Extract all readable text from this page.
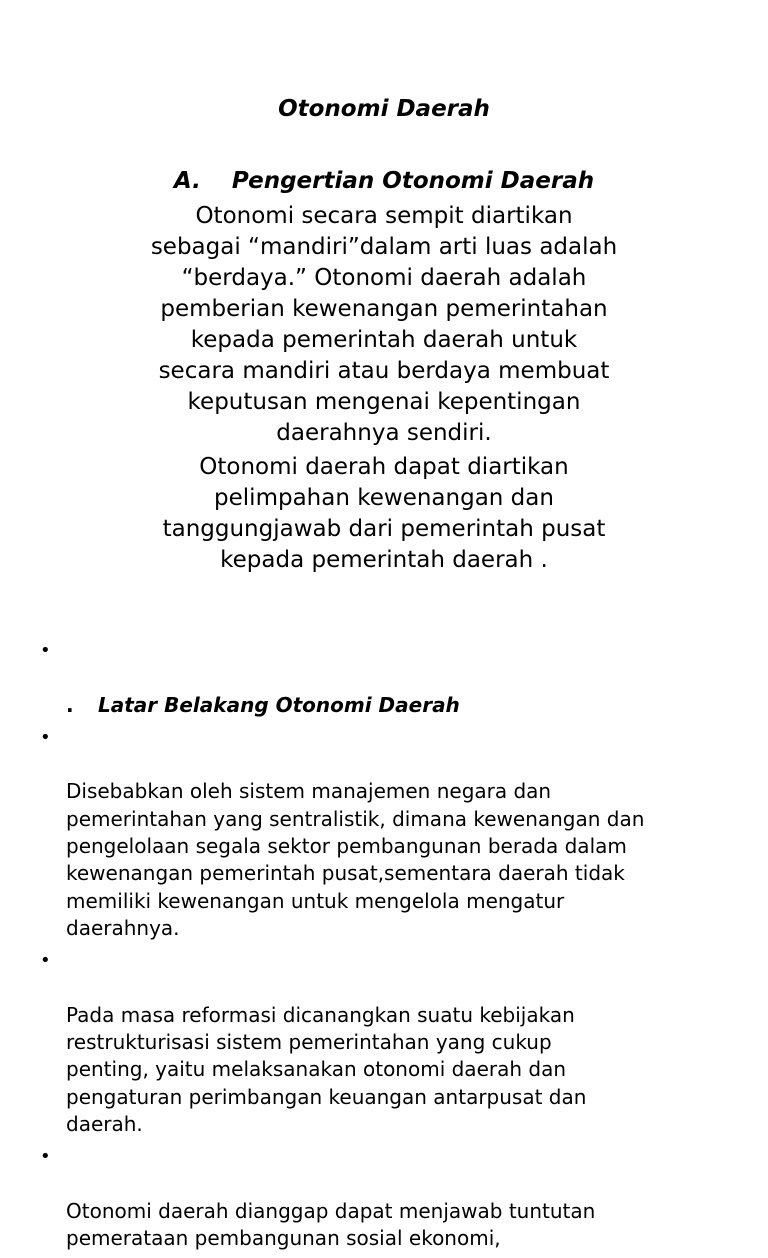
Otonomi Daerah
A. Pengertian Otonomi Daerah

Otonomi secara sempit diartikan
sebagai “mandiri”dalam arti luas adalah
“berdaya.” Otonomi daerah adalah
pemberian kewenangan pemerintahan
kepada pemerintah daerah untuk
secara mandiri atau berdaya membuat
keputusan mengenai kepentingan
daerahnya sendiri.

Otonomi daerah dapat diartikan
pelimpahan kewenangan dan
tanggungjawab dari pemerintah pusat
kepada pemerintah daerah .

•

. Latar Belakang Otonomi Daerah

•

Disebabkan oleh sistem manajemen negara dan
pemerintahan yang sentralistik, dimana kewenangan dan
pengelolaan segala sektor pembangunan berada dalam
kewenangan pemerintah pusat,sementara daerah tidak
memiliki kewenangan untuk mengelola mengatur
daerahnya.

•

Pada masa reformasi dicanangkan suatu kebijakan
restrukturisasi sistem pemerintahan yang cukup
penting, yaitu melaksanakan otonomi daerah dan
pengaturan perimbangan keuangan antarpusat dan
daerah.

•

Otonomi daerah dianggap dapat menjawab tuntutan
pemerataan pembangunan sosial ekonomi,
